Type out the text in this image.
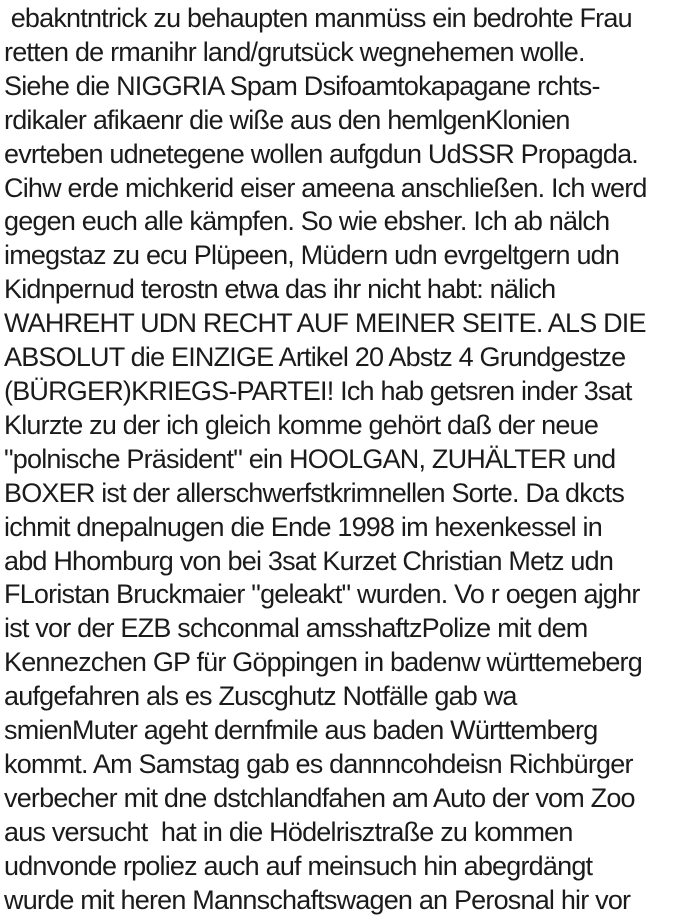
ebakntntrick zu behaupten manmüss ein bedrohte Frau
retten de rmanihr land/grutsück wegnehemen wolle.
Siehe die NIGGRIA Spam Dsifoamtokapagane rchts-
rdikaler afikaenr die wiße aus den hemlgenKlonien
evrteben udnetegene wollen aufgdun UdSSR Propagda.
Cihw erde michkerid eiser ameena anschließen. Ich werd
gegen euch alle kämpfen. So wie ebsher. Ich ab nälch
imegstaz zu ecu Plüpeen, Müdern udn evrgeltgern udn
Kidnpernud terostn etwa das ihr nicht habt: nälich
WAHREHT UDN RECHT AUF MEINER SEITE. ALS DIE
ABSOLUT die EINZIGE Artikel 20 Abstz 4 Grundgestze
(BÜRGER)KRIEGS-PARTEI! Ich hab getsren inder 3sat
Klurzte zu der ich gleich komme gehört daß der neue
"polnische Präsident" ein HOOLGAN, ZUHÄLTER und
BOXER ist der allerschwerfstkrimnellen Sorte. Da dkcts
ichmit dnepalnugen die Ende 1998 im hexenkessel in
abd Hhomburg von bei 3sat Kurzet Christian Metz udn
FLoristan Bruckmaier "geleakt" wurden. Vo r oegen ajghr
ist vor der EZB schconmal amsshaftzPolize mit dem
Kennezchen GP für Göppingen in badenw württemeberg
aufgefahren als es Zuscghutz Notfälle gab wa
smienMuter ageht dernfmile aus baden Württemberg
kommt. Am Samstag gab es dannncohdeisn Richbürger
verbecher mit dne dstchlandfahen am Auto der vom Zoo
aus versucht  hat in die Hödelrisztraße zu kommen
udnvonde rpoliez auch auf meinsuch hin abegrdängt
wurde mit heren Mannschaftswagen an Perosnal hir vor
